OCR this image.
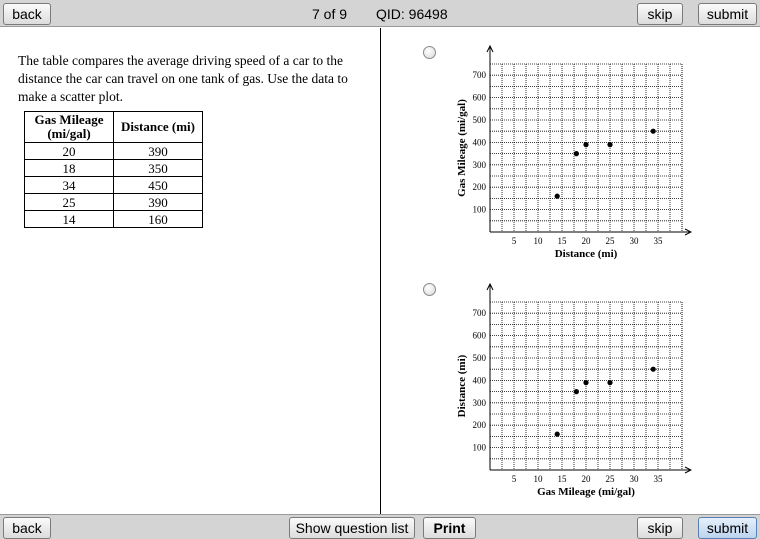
back	7 of 9 QID: 96498	skip	submit
The table compares the average driving speed of a car to the distance the car can travel on one tank of gas. Use the data to make a scatter plot.
Gas Mileage (mi/gal)	Distance (mi)
20	390
18	350
34	450
25	390
14	160
5 10 15 20 25 30 35
100
200
300
400
500
600
700
Distance (mi)
Gas Mileage (mi/gal)
5 10 15 20 25 30 35
100
200
300
400
500
600
700
Gas Mileage (mi/gal)
Distance (mi)
back	Show question list	Print	skip	submit
